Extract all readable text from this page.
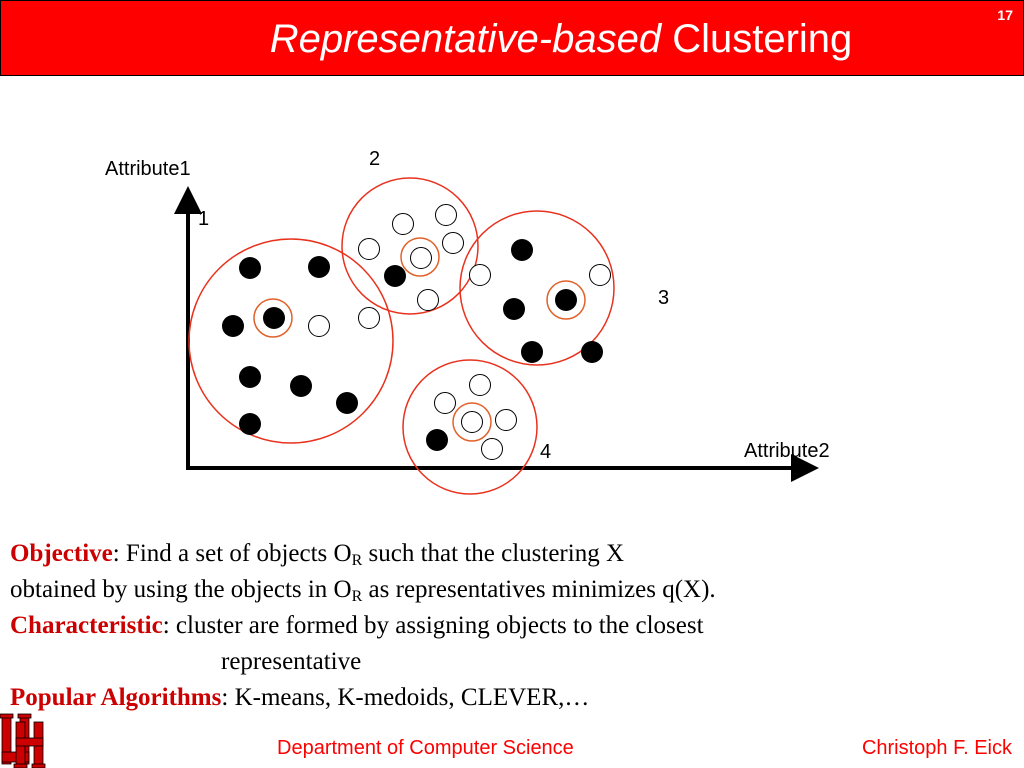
Representative-based Clustering
17
Attribute1
Attribute2
1
2
3
4

Objective: Find a set of objects $O_R$ such that the clustering X

obtained by using the objects in $O_R$ as representatives minimizes q(X).

Characteristic: cluster are formed by assigning objects to the closest

representative

Popular Algorithms: K-means, K-medoids, CLEVER,…

Department of Computer Science	Christoph F. Eick
